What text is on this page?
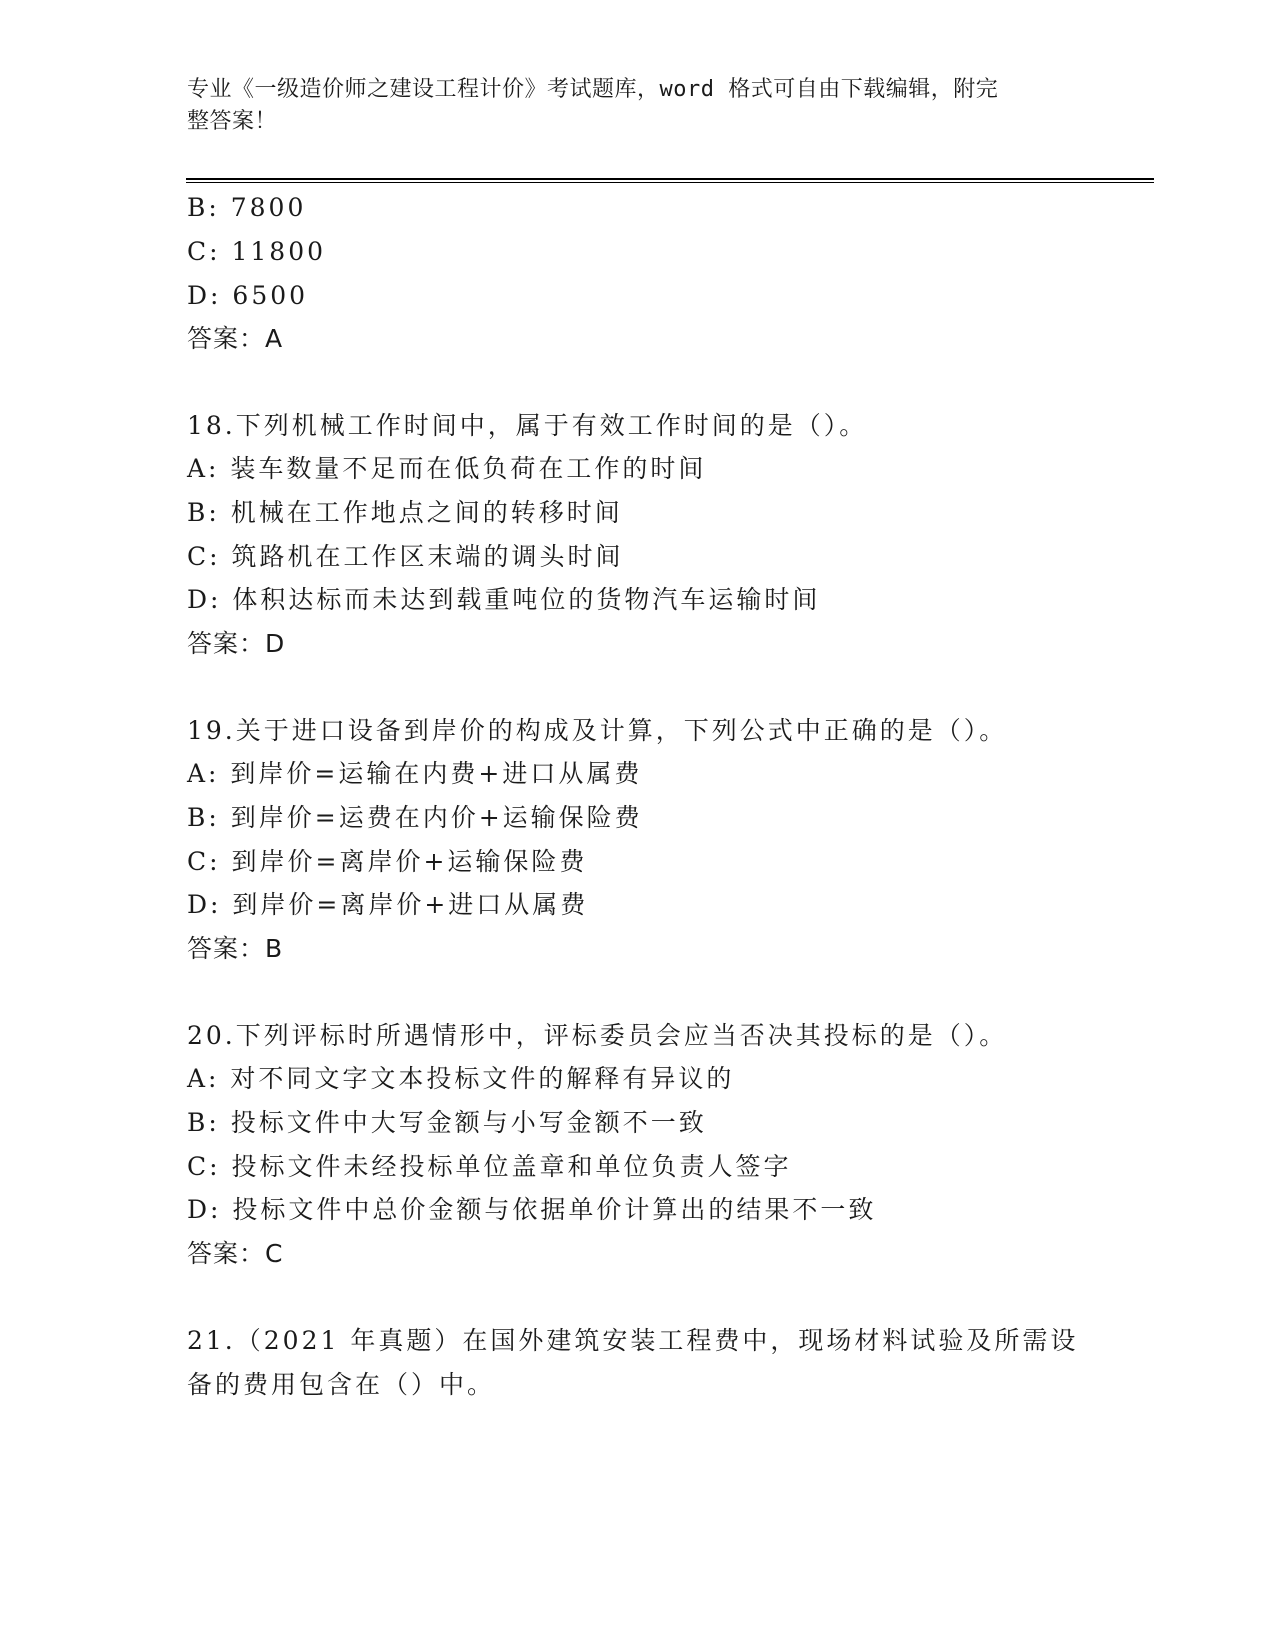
专业《一级造价师之建设工程计价》考试题库，word 格式可自由下载编辑，附完
整答案！
B: 7800
C: 11800
D: 6500
答案：A
18.下列机械工作时间中，属于有效工作时间的是（）。
A: 装车数量不足而在低负荷在工作的时间
B: 机械在工作地点之间的转移时间
C: 筑路机在工作区末端的调头时间
D: 体积达标而未达到载重吨位的货物汽车运输时间
答案：D
19.关于进口设备到岸价的构成及计算，下列公式中正确的是（）。
A: 到岸价=运输在内费+进口从属费
B: 到岸价=运费在内价+运输保险费
C: 到岸价=离岸价+运输保险费
D: 到岸价=离岸价+进口从属费
答案：B
20.下列评标时所遇情形中，评标委员会应当否决其投标的是（）。
A: 对不同文字文本投标文件的解释有异议的
B: 投标文件中大写金额与小写金额不一致
C: 投标文件未经投标单位盖章和单位负责人签字
D: 投标文件中总价金额与依据单价计算出的结果不一致
答案：C
21.（2021 年真题）在国外建筑安装工程费中，现场材料试验及所需设
备的费用包含在（）中。
